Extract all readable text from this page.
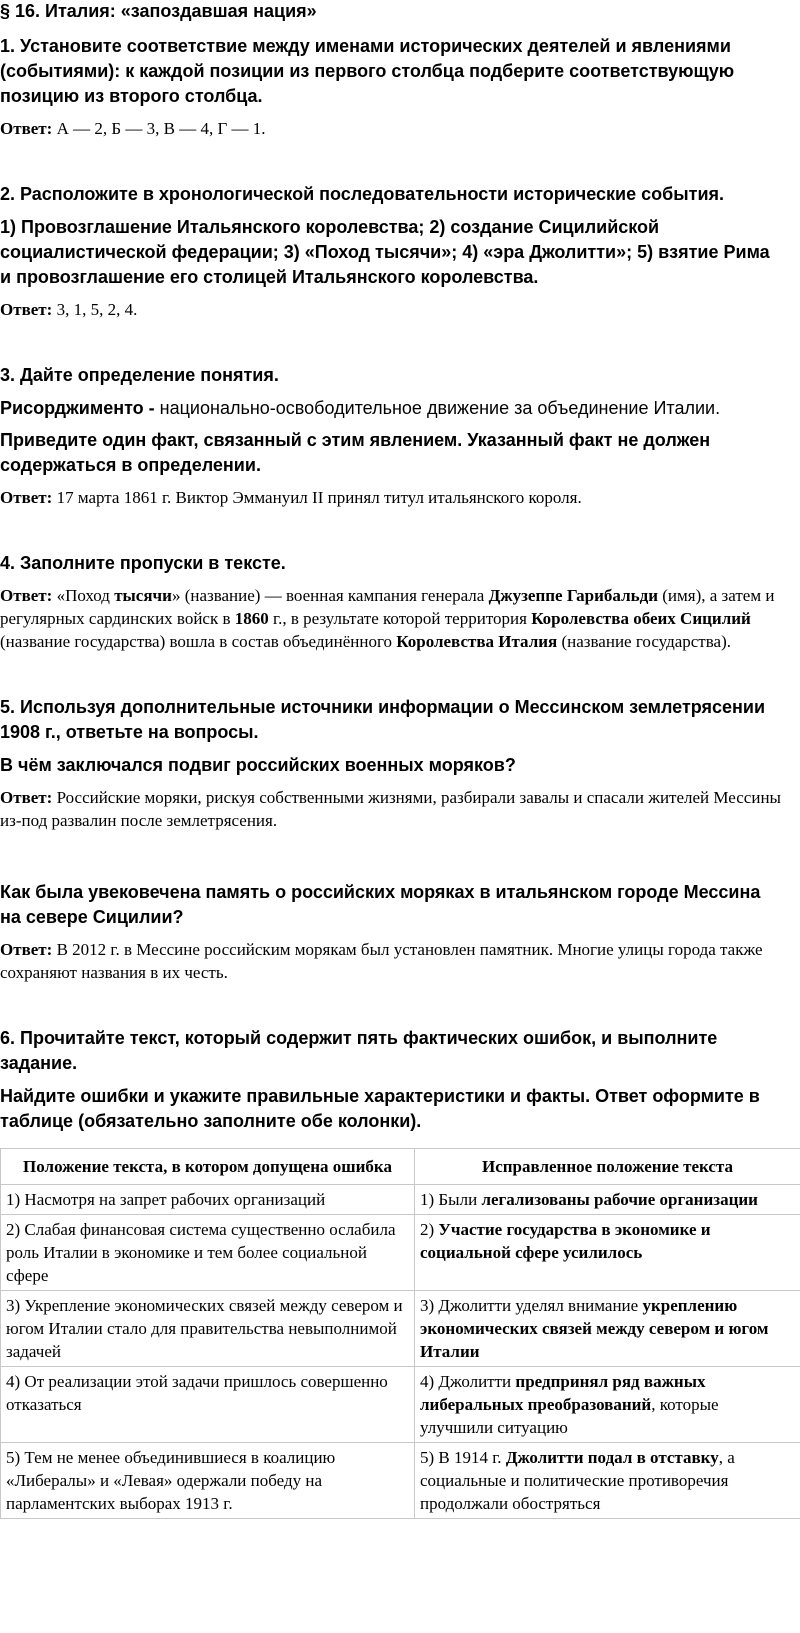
§ 16. Италия: «запоздавшая нация»
1. Установите соответствие между именами исторических деятелей и явлениями (событиями): к каждой позиции из первого столбца подберите соответствующую позицию из второго столбца.
Ответ: А — 2, Б — 3, В — 4, Г — 1.
2. Расположите в хронологической последовательности исторические события.
1) Провозглашение Итальянского королевства; 2) создание Сицилийской социалистической федерации; 3) «Поход тысячи»; 4) «эра Джолитти»; 5) взятие Рима и провозглашение его столицей Итальянского королевства.
Ответ: 3, 1, 5, 2, 4.
3. Дайте определение понятия.
Рисорджименто - национально-освободительное движение за объединение Италии.
Приведите один факт, связанный с этим явлением. Указанный факт не должен содержаться в определении.
Ответ: 17 марта 1861 г. Виктор Эммануил II принял титул итальянского короля.
4. Заполните пропуски в тексте.
Ответ: «Поход тысячи» (название) — военная кампания генерала Джузеппе Гарибальди (имя), а затем и регулярных сардинских войск в 1860 г., в результате которой территория Королевства обеих Сицилий (название государства) вошла в состав объединённого Королевства Италия (название государства).
5. Используя дополнительные источники информации о Мессинском землетрясении 1908 г., ответьте на вопросы.
В чём заключался подвиг российских военных моряков?
Ответ: Российские моряки, рискуя собственными жизнями, разбирали завалы и спасали жителей Мессины из-под развалин после землетрясения.
Как была увековечена память о российских моряках в итальянском городе Мессина на севере Сицилии?
Ответ: В 2012 г. в Мессине российским морякам был установлен памятник. Многие улицы города также сохраняют названия в их честь.
6. Прочитайте текст, который содержит пять фактических ошибок, и выполните задание.
Найдите ошибки и укажите правильные характеристики и факты. Ответ оформите в таблице (обязательно заполните обе колонки).
Положение текста, в котором допущена ошибка	Исправленное положение текста
1) Насмотря на запрет рабочих организаций	1) Были легализованы рабочие организации
2) Слабая финансовая система существенно ослабила роль Италии в экономике и тем более социальной сфере	2) Участие государства в экономике и социальной сфере усилилось
3) Укрепление экономических связей между севером и югом Италии стало для правительства невыполнимой задачей	3) Джолитти уделял внимание укреплению экономических связей между севером и югом Италии
4) От реализации этой задачи пришлось совершенно отказаться	4) Джолитти предпринял ряд важных либеральных преобразований, которые улучшили ситуацию
5) Тем не менее объединившиеся в коалицию «Либералы» и «Левая» одержали победу на парламентских выборах 1913 г.	5) В 1914 г. Джолитти подал в отставку, а социальные и политические противоречия продолжали обостряться
